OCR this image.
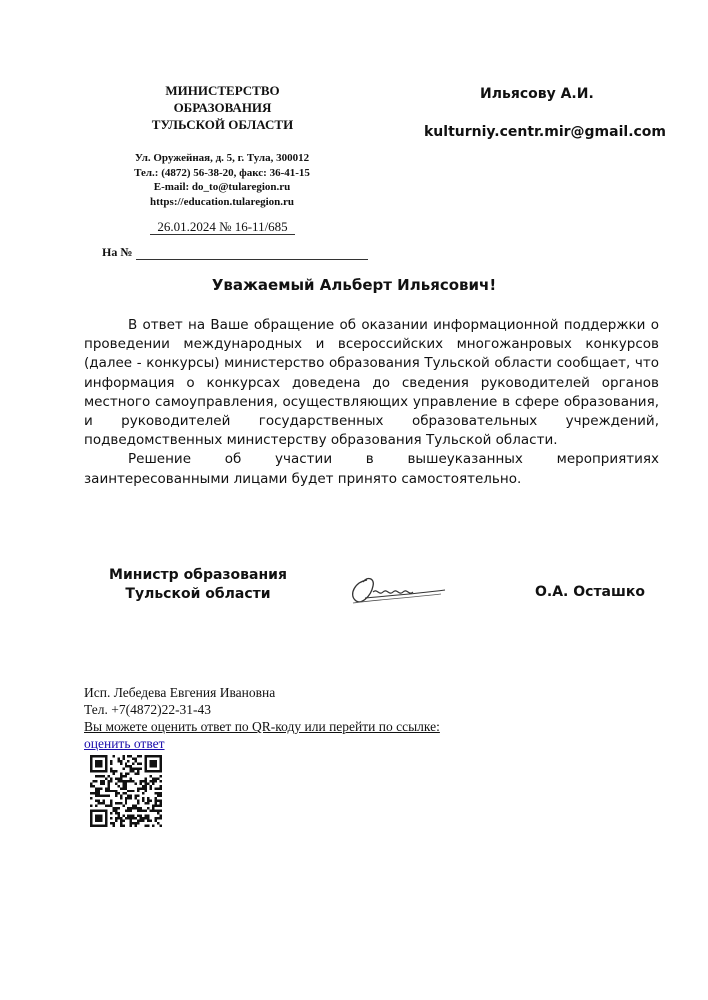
МИНИСТЕРСТВО
ОБРАЗОВАНИЯ
ТУЛЬСКОЙ ОБЛАСТИ
Ул. Оружейная, д. 5, г. Тула, 300012
Тел.: (4872) 56-38-20, факс: 36-41-15
E-mail: do_to@tularegion.ru
https://education.tularegion.ru
26.01.2024 № 16-11/685
На №
Ильясову А.И.
kulturniy.centr.mir@gmail.com
Уважаемый Альберт Ильясович!

В ответ на Ваше обращение об оказании информационной поддержки о проведении международных и всероссийских многожанровых конкурсов (далее - конкурсы) министерство образования Тульской области сообщает, что информация о конкурсах доведена до сведения руководителей органов местного самоуправления, осуществляющих управление в сфере образования, и руководителей государственных образовательных учреждений, подведомственных министерству образования Тульской области.

Решение об участии в вышеуказанных мероприятиях заинтересованными лицами будет принято самостоятельно.

Министр образования
Тульской области	О.А. Осташко
Исп. Лебедева Евгения Ивановна
Тел. +7(4872)22-31-43
Вы можете оценить ответ по QR-коду или перейти по ссылке:
оценить ответ
